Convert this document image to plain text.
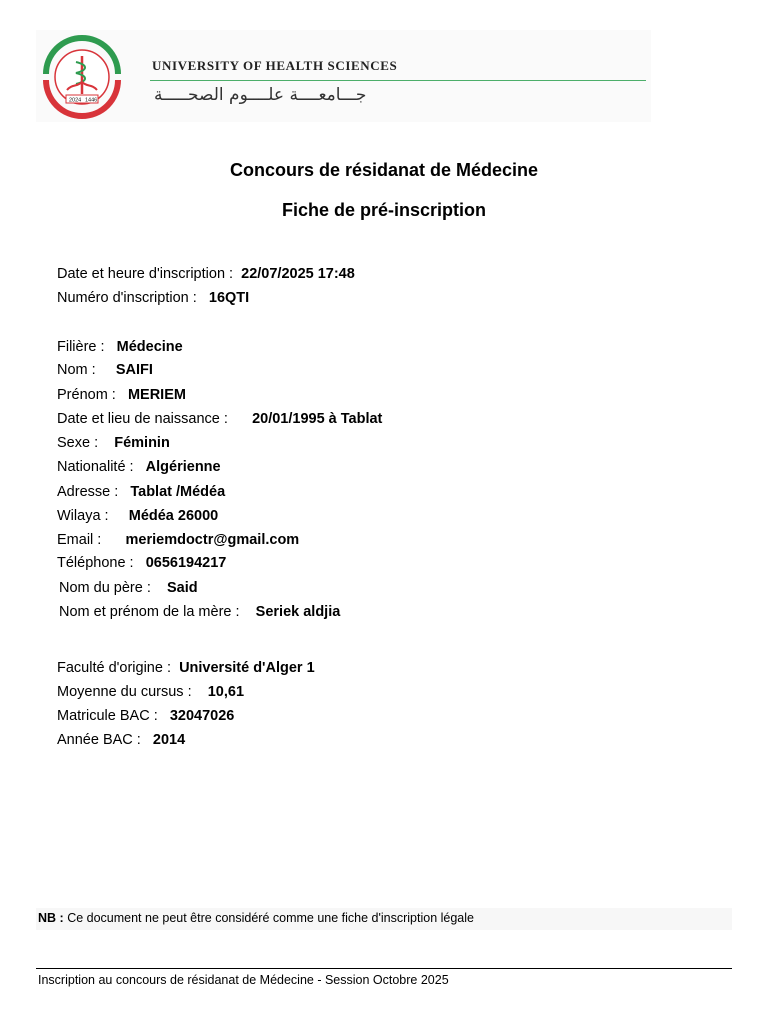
2024 1446
UNIVERSITY OF HEALTH SCIENCES
جـــامعــــة علــــوم الصحـــــة
Concours de résidanat de Médecine
Fiche de pré-inscription
Date et heure d'inscription : 22/07/2025 17:48
Numéro d'inscription : 16QTI
Filière : Médecine
Nom : SAIFI
Prénom : MERIEM
Date et lieu de naissance : 20/01/1995 à Tablat
Sexe : Féminin
Nationalité : Algérienne
Adresse : Tablat /Médéa
Wilaya : Médéa 26000
Email : meriemdoctr@gmail.com
Téléphone : 0656194217
Nom du père : Said
Nom et prénom de la mère : Seriek aldjia
Faculté d'origine : Université d'Alger 1
Moyenne du cursus : 10,61
Matricule BAC : 32047026
Année BAC : 2014
NB : Ce document ne peut être considéré comme une fiche d'inscription légale
Inscription au concours de résidanat de Médecine - Session Octobre 2025
